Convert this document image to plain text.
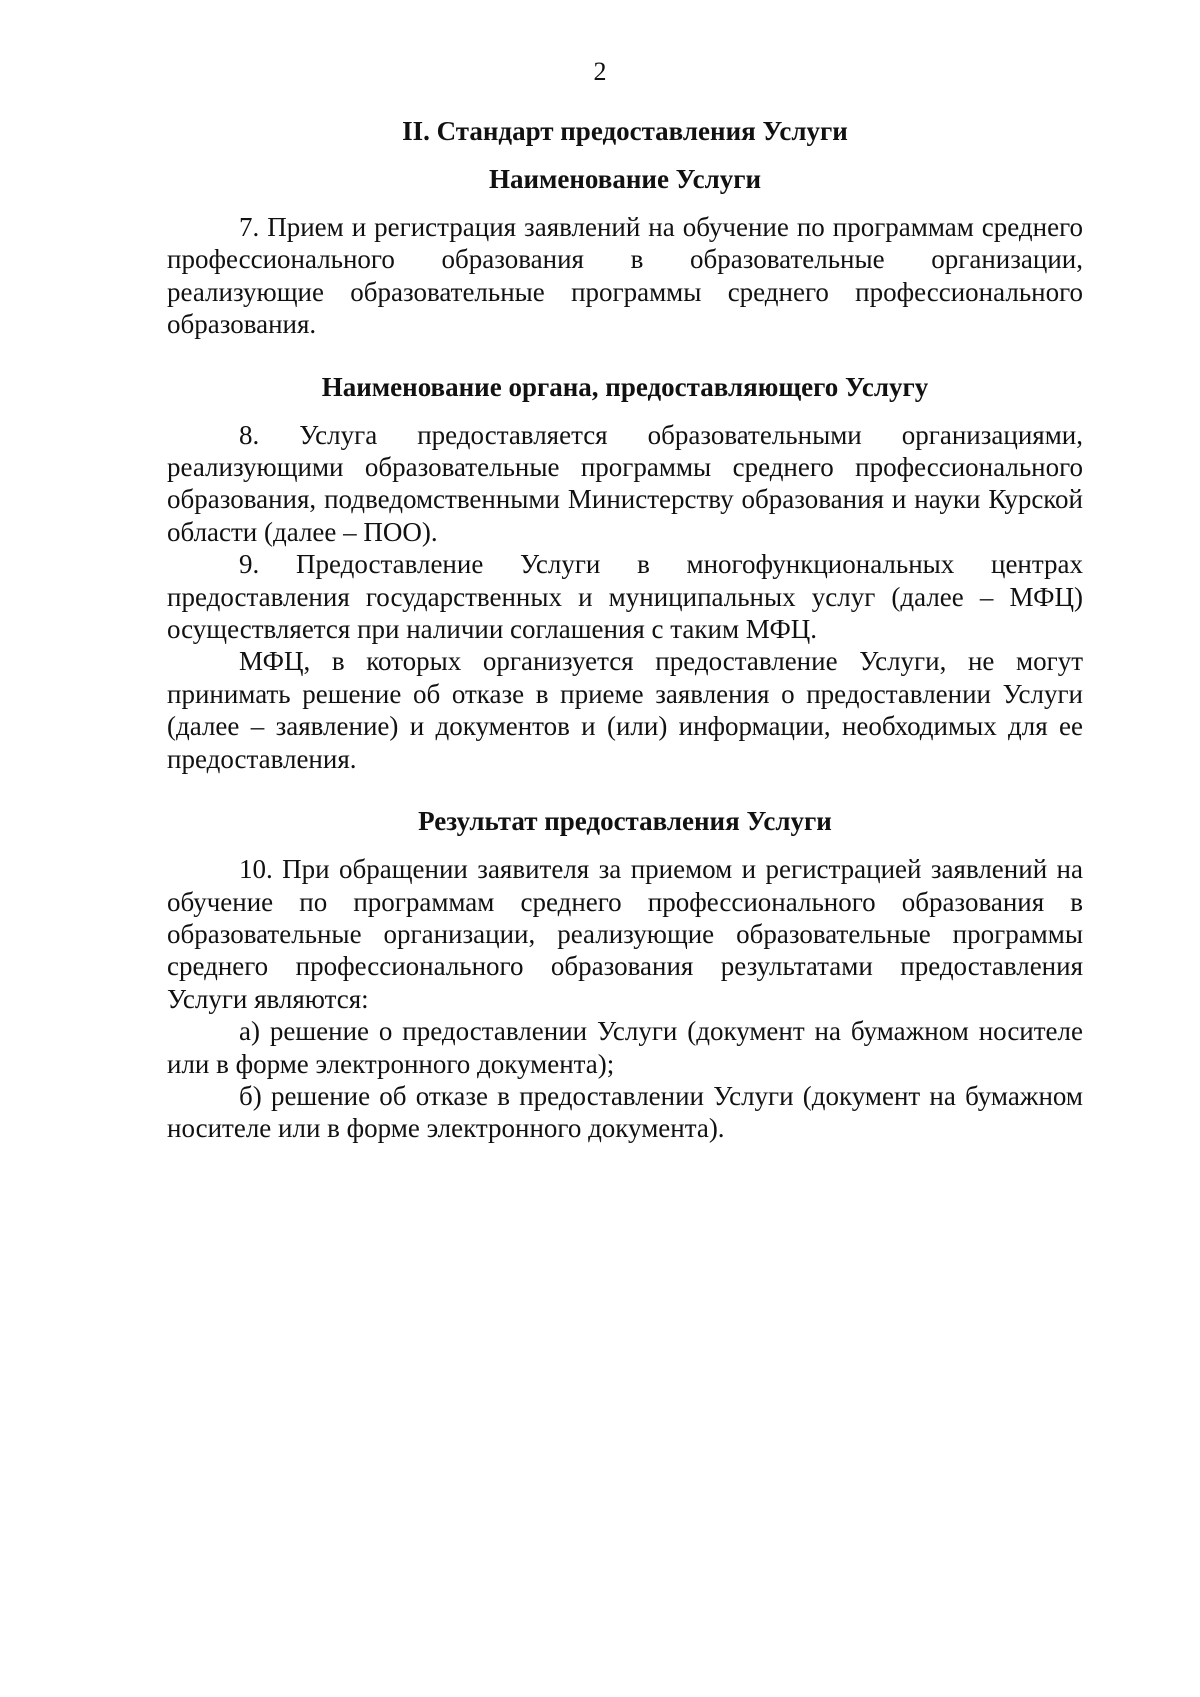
2
II. Стандарт предоставления Услуги
Наименование Услуги

7. Прием и регистрация заявлений на обучение по программам среднего профессионального образования в образовательные организации, реализующие образовательные программы среднего профессионального образования.

Наименование органа, предоставляющего Услугу

8. Услуга предоставляется образовательными организациями, реализующими образовательные программы среднего профессионального образования, подведомственными Министерству образования и науки Курской области (далее – ПОО).

9. Предоставление Услуги в многофункциональных центрах предоставления государственных и муниципальных услуг (далее – МФЦ) осуществляется при наличии соглашения с таким МФЦ.

МФЦ, в которых организуется предоставление Услуги, не могут принимать решение об отказе в приеме заявления о предоставлении Услуги (далее – заявление) и документов и (или) информации, необходимых для ее предоставления.

Результат предоставления Услуги

10. При обращении заявителя за приемом и регистрацией заявлений на обучение по программам среднего профессионального образования в образовательные организации, реализующие образовательные программы среднего профессионального образования результатами предоставления Услуги являются:

а) решение о предоставлении Услуги (документ на бумажном носителе или в форме электронного документа);

б) решение об отказе в предоставлении Услуги (документ на бумажном носителе или в форме электронного документа).
